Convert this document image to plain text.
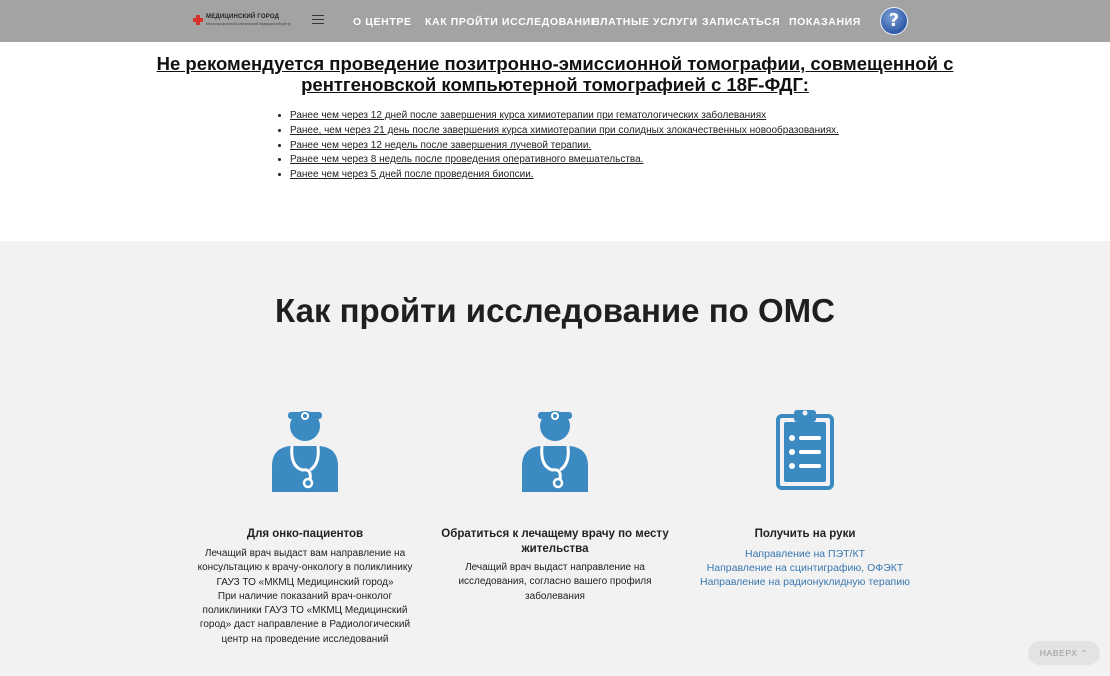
МЕДИЦИНСКИЙ ГОРОД
Многопрофильный клинический медицинский центр	О ЦЕНТРЕ КАК ПРОЙТИ ИССЛЕДОВАНИЕ
ПЛАТНЫЕ УСЛУГИ ЗАПИСАТЬСЯ ПОКАЗАНИЯ	?
Не рекомендуется проведение позитронно-эмиссионной томографии, совмещенной с рентгеновской компьютерной томографией с 18F-ФДГ:
• Ранее чем через 12 дней после завершения курса химиотерапии при гематологических заболеваниях
• Ранее, чем через 21 день после завершения курса химиотерапии при солидных злокачественных новообразованиях.
• Ранее чем через 12 недель после завершения лучевой терапии.
• Ранее чем через 8 недель после проведения оперативного вмешательства.
• Ранее чем через 5 дней после проведения биопсии.
Как пройти исследование по ОМС
Для онко-пациентов
Лечащий врач выдаст вам направление на
консультацию к врачу-онкологу в поликлинику
ГАУЗ ТО «МКМЦ Медицинский город»
При наличие показаний врач-онколог
поликлиники ГАУЗ ТО «МКМЦ Медицинский
город» даст направление в Радиологический
центр на проведение исследований
Обратиться к лечащему врачу по месту
жительства
Лечащий врач выдаст направление на
исследования, согласно вашего профиля
заболевания
Получить на руки
Направление на ПЭТ/КТ
Направление на сцинтиграфию, ОФЭКТ
Направление на радионуклидную терапию
НАВЕРХ ⌃
